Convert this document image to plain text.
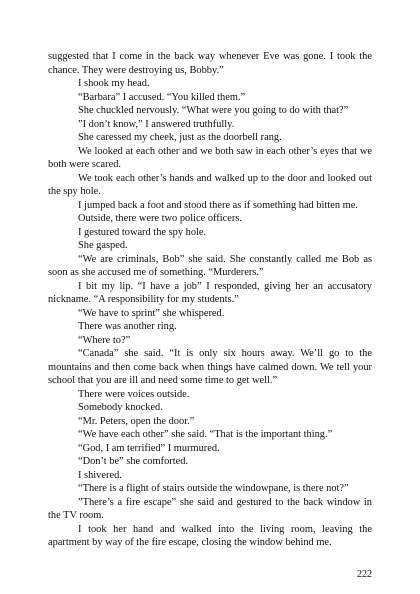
suggested that I come in the back way whenever Eve was gone. I took the chance. They were destroying us, Bobby.”

I shook my head.

“Barbara” I accused. “You killed them.”

She chuckled nervously. “What were you going to do with that?”

”I don’t know,” I answered truthfully.

She caressed my cheek, just as the doorbell rang.

We looked at each other and we both saw in each other’s eyes that we both were scared.

We took each other’s hands and walked up to the door and looked out the spy hole.

I jumped back a foot and stood there as if something had bitten me.

Outside, there were two police officers.

I gestured toward the spy hole.

She gasped.

“We are criminals, Bob” she said. She constantly called me Bob as soon as she accused me of something. “Murderers.”

I bit my lip. “I have a job” I responded, giving her an accusatory nickname. “A responsibility for my students.”

“We have to sprint” she whispered.

There was another ring.

“Where to?”

“Canada” she said. “It is only six hours away. We’ll go to the mountains and then come back when things have calmed down. We tell your school that you are ill and need some time to get well.”

There were voices outside.

Somebody knocked.

“Mr. Peters, open the door.”

“We have each other” she said. “That is the important thing.”

“God, I am terrified” I murmured.

“Don’t be” she comforted.

I shivered.

“There is a flight of stairs outside the windowpane, is there not?”

”There’s a fire escape” she said and gestured to the back window in the TV room.

I took her hand and walked into the living room, leaving the apartment by way of the fire escape, closing the window behind me.

222
